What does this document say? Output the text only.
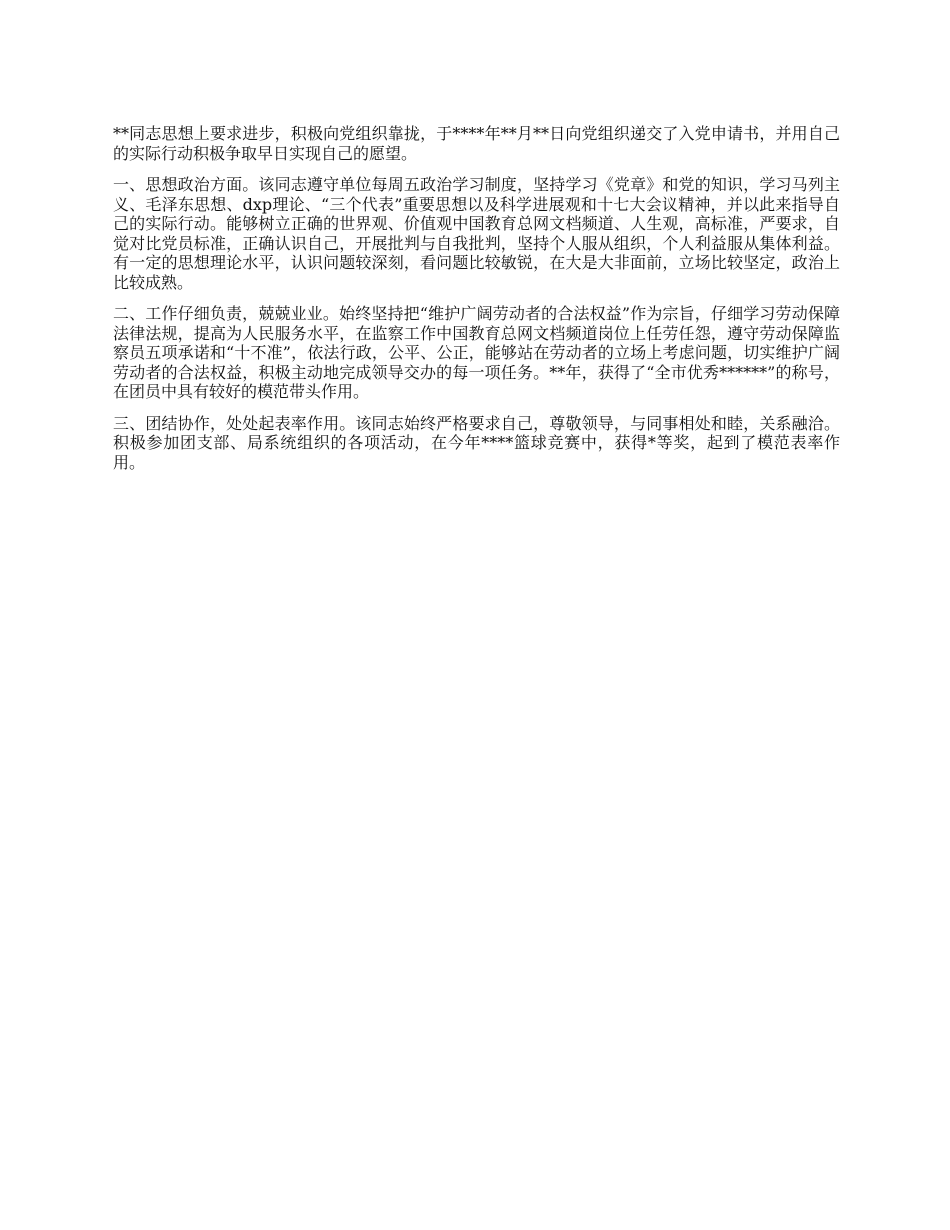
**同志思想上要求进步，积极向党组织靠拢，于****年**月**日向党组织递交了入党申请书，并用自己的实际行动积极争取早日实现自己的愿望。

一、思想政治方面。该同志遵守单位每周五政治学习制度，坚持学习《党章》和党的知识，学习马列主义、毛泽东思想、dxp理论、“三个代表”重要思想以及科学进展观和十七大会议精神，并以此来指导自己的实际行动。能够树立正确的世界观、价值观中国教育总网文档频道、人生观，高标准，严要求，自觉对比党员标准，正确认识自己，开展批判与自我批判，坚持个人服从组织，个人利益服从集体利益。有一定的思想理论水平，认识问题较深刻，看问题比较敏锐，在大是大非面前，立场比较坚定，政治上比较成熟。

二、工作仔细负责，兢兢业业。始终坚持把“维护广阔劳动者的合法权益”作为宗旨，仔细学习劳动保障法律法规，提高为人民服务水平，在监察工作中国教育总网文档频道岗位上任劳任怨，遵守劳动保障监察员五项承诺和“十不准”，依法行政，公平、公正，能够站在劳动者的立场上考虑问题，切实维护广阔劳动者的合法权益，积极主动地完成领导交办的每一项任务。**年，获得了“全市优秀******”的称号，在团员中具有较好的模范带头作用。

三、团结协作，处处起表率作用。该同志始终严格要求自己，尊敬领导，与同事相处和睦，关系融洽。积极参加团支部、局系统组织的各项活动，在今年****篮球竞赛中，获得*等奖，起到了模范表率作用。
